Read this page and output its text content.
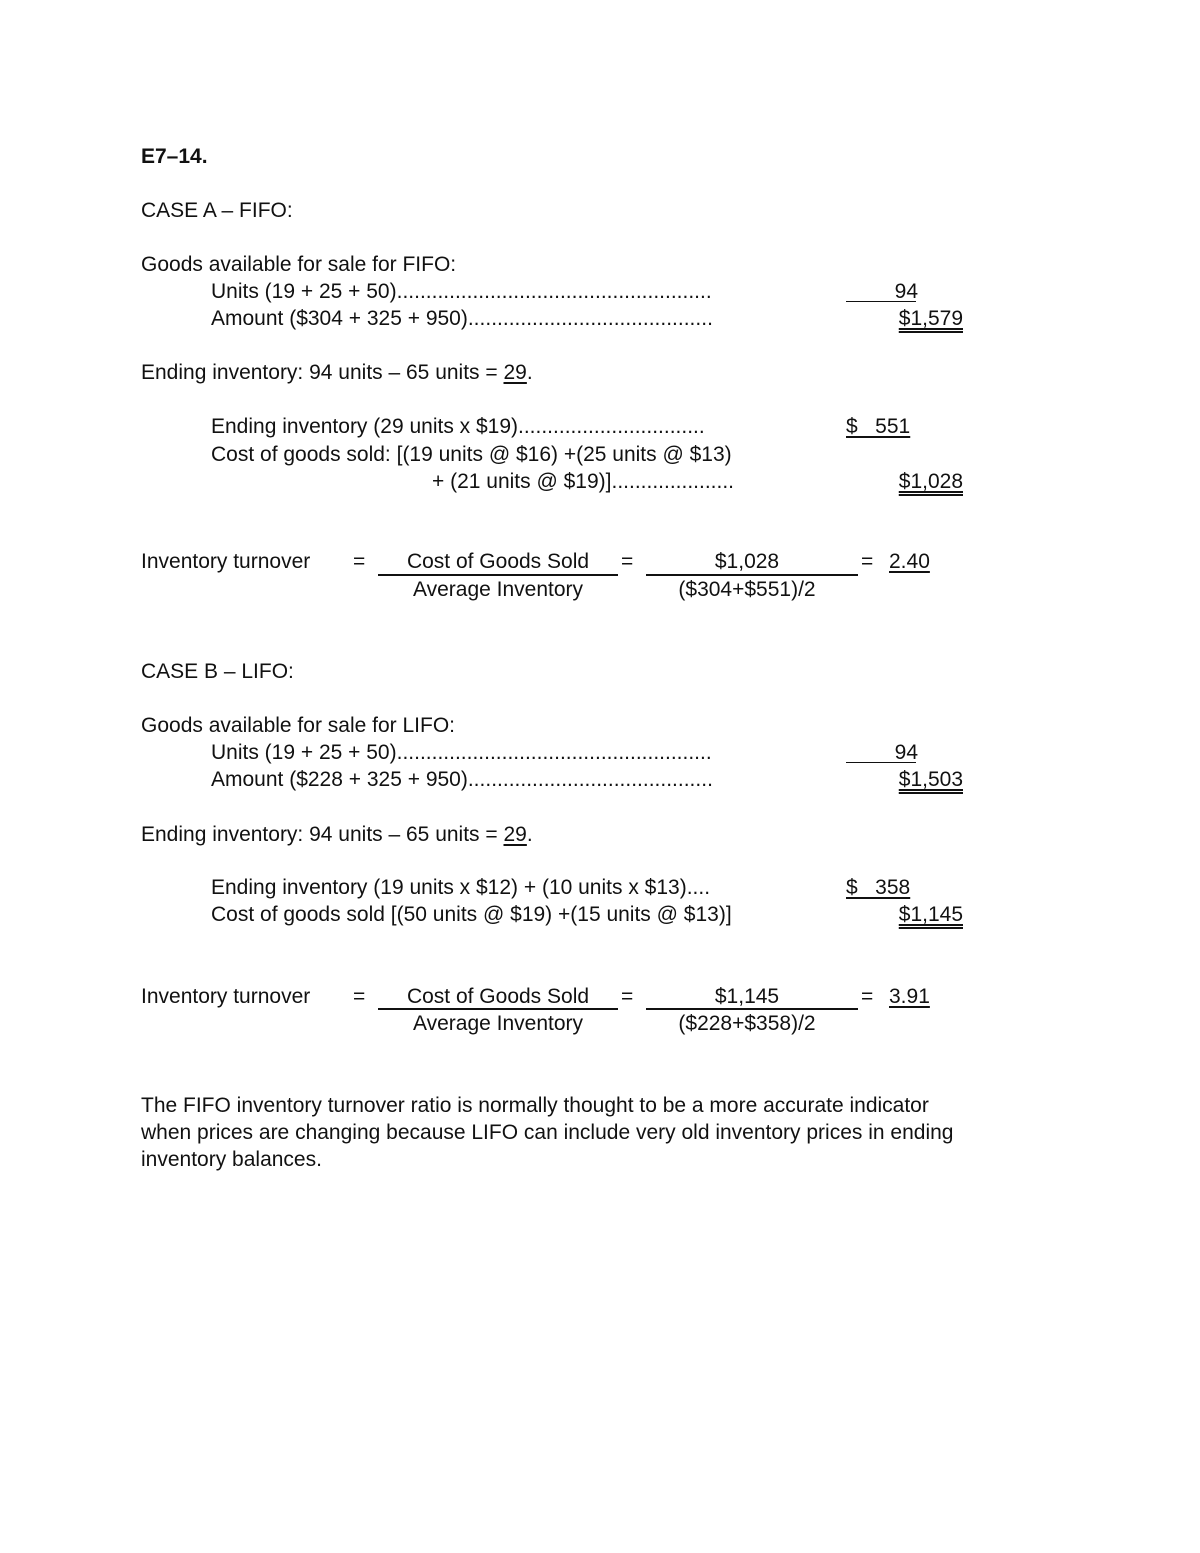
E7–14.
CASE A – FIFO:
Goods available for sale for FIFO:
Units (19 + 25 + 50)......................................................	94
Amount ($304 + 325 + 950)..........................................	$1,579
Ending inventory: 94 units – 65 units = 29.
Ending inventory (29 units x $19)................................	$   551
Cost of goods sold: [(19 units @ $16) +(25 units @ $13)
+ (21 units @ $19)].....................	$1,028
Inventory turnover =	Cost of Goods Sold
Average Inventory
=	$1,028
($304+$551)/2
= 2.40
CASE B – LIFO:
Goods available for sale for LIFO:
Units (19 + 25 + 50)......................................................	94
Amount ($228 + 325 + 950)..........................................	$1,503
Ending inventory: 94 units – 65 units = 29.
Ending inventory (19 units x $12) + (10 units x $13)....	$   358
Cost of goods sold [(50 units @ $19) +(15 units @ $13)]	$1,145
Inventory turnover =	Cost of Goods Sold
Average Inventory
=	$1,145
($228+$358)/2
= 3.91
The FIFO inventory turnover ratio is normally thought to be a more accurate indicator
when prices are changing because LIFO can include very old inventory prices in ending
inventory balances.
